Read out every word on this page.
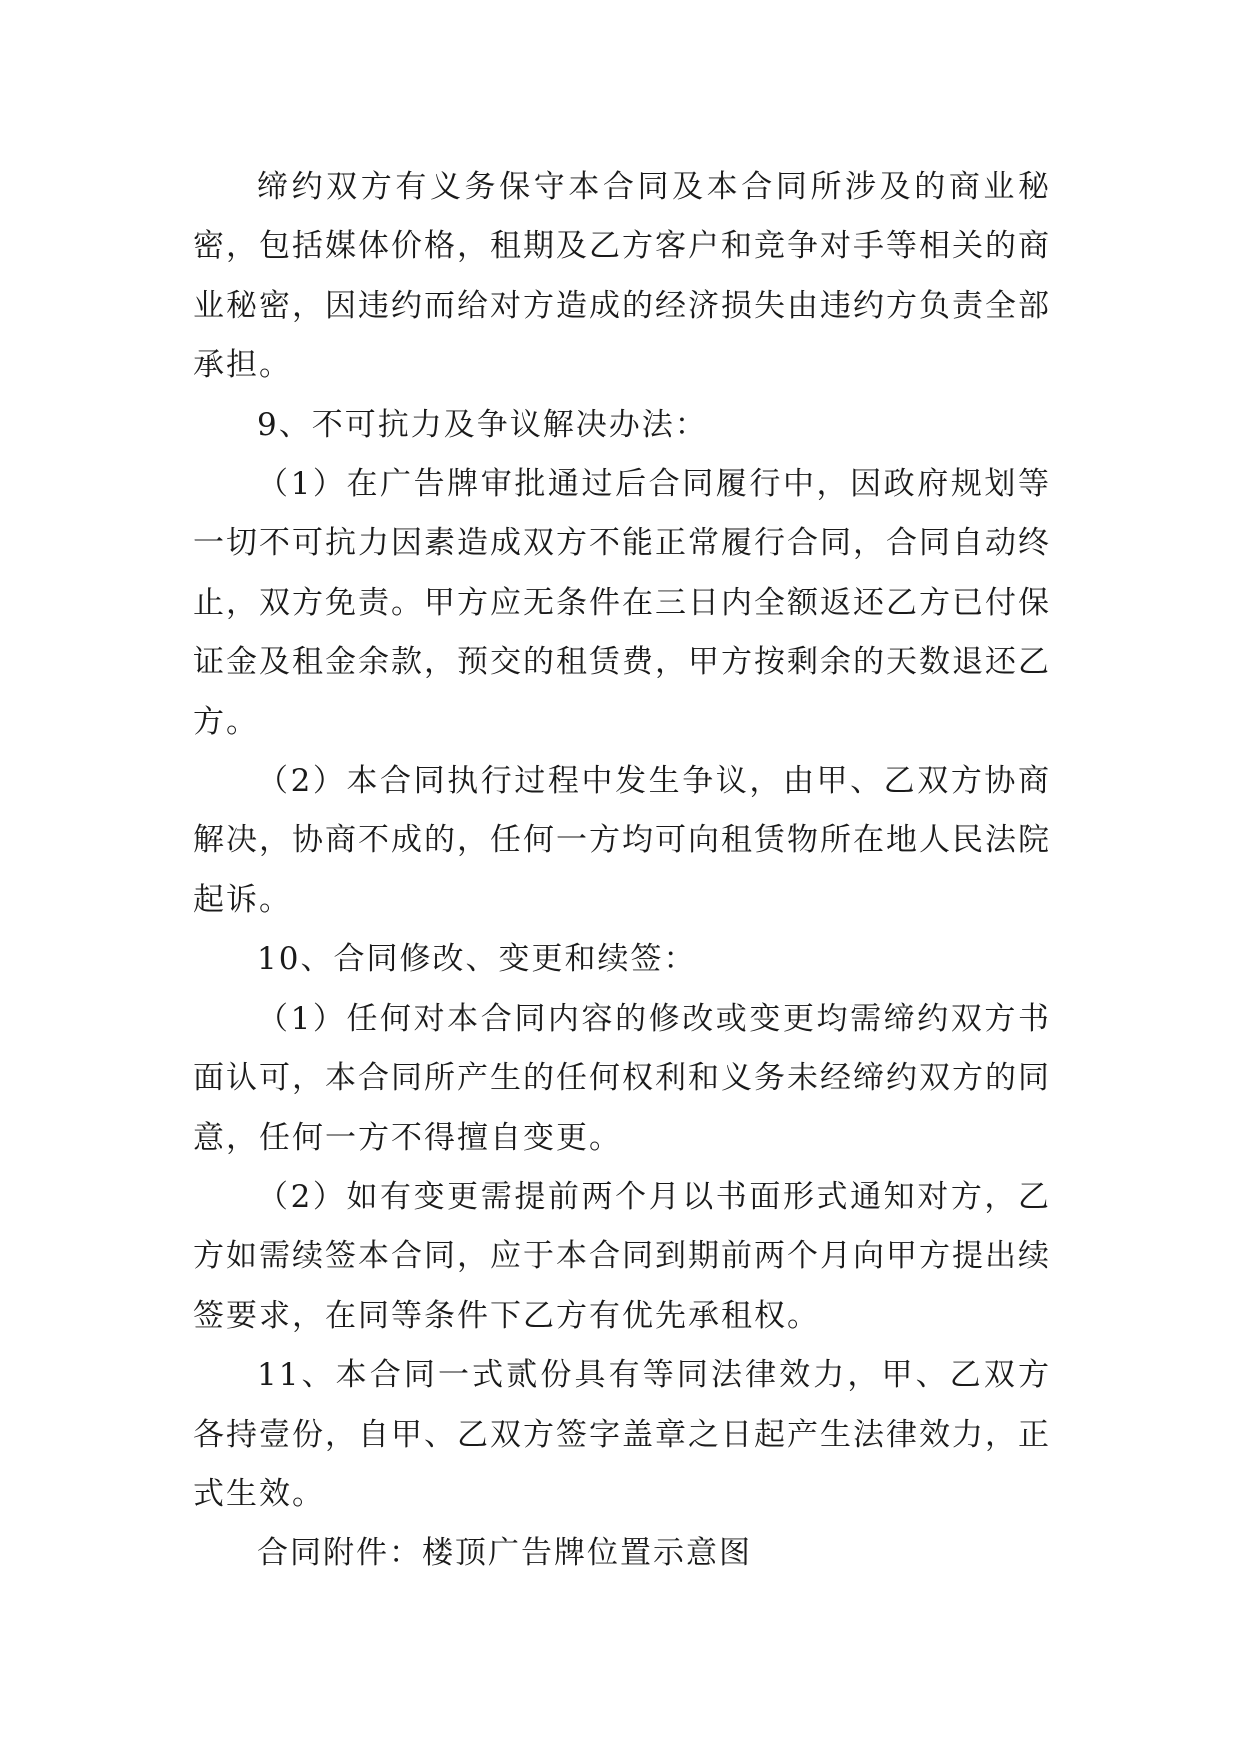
缔约双方有义务保守本合同及本合同所涉及的商业秘密，包括媒体价格，租期及乙方客户和竞争对手等相关的商业秘密，因违约而给对方造成的经济损失由违约方负责全部承担。

9、不可抗力及争议解决办法：

（1）在广告牌审批通过后合同履行中，因政府规划等一切不可抗力因素造成双方不能正常履行合同，合同自动终止，双方免责。甲方应无条件在三日内全额返还乙方已付保证金及租金余款，预交的租赁费，甲方按剩余的天数退还乙方。

（2）本合同执行过程中发生争议，由甲、乙双方协商解决，协商不成的，任何一方均可向租赁物所在地人民法院起诉。

10、合同修改、变更和续签：

（1）任何对本合同内容的修改或变更均需缔约双方书面认可，本合同所产生的任何权利和义务未经缔约双方的同意，任何一方不得擅自变更。

（2）如有变更需提前两个月以书面形式通知对方，乙方如需续签本合同，应于本合同到期前两个月向甲方提出续签要求，在同等条件下乙方有优先承租权。

11、本合同一式贰份具有等同法律效力，甲、乙双方各持壹份，自甲、乙双方签字盖章之日起产生法律效力，正式生效。

合同附件：楼顶广告牌位置示意图
